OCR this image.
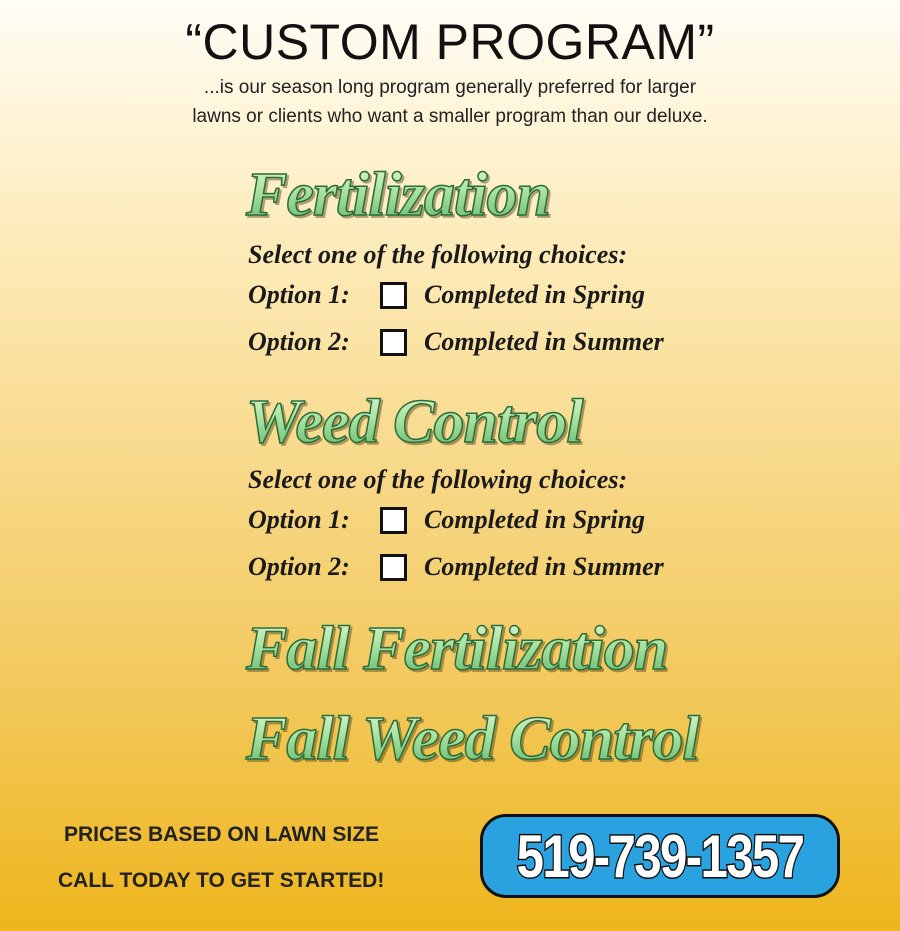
“CUSTOM PROGRAM”
...is our season long program generally preferred for larger
lawns or clients who want a smaller program than our deluxe.
Fertilization
Select one of the following choices:
Option 1:	Completed in Spring
Option 2:	Completed in Summer
Weed Control
Select one of the following choices:
Option 1:	Completed in Spring
Option 2:	Completed in Summer
Fall Fertilization
Fall Weed Control
PRICES BASED ON LAWN SIZE
CALL TODAY TO GET STARTED! 519-739-1357
